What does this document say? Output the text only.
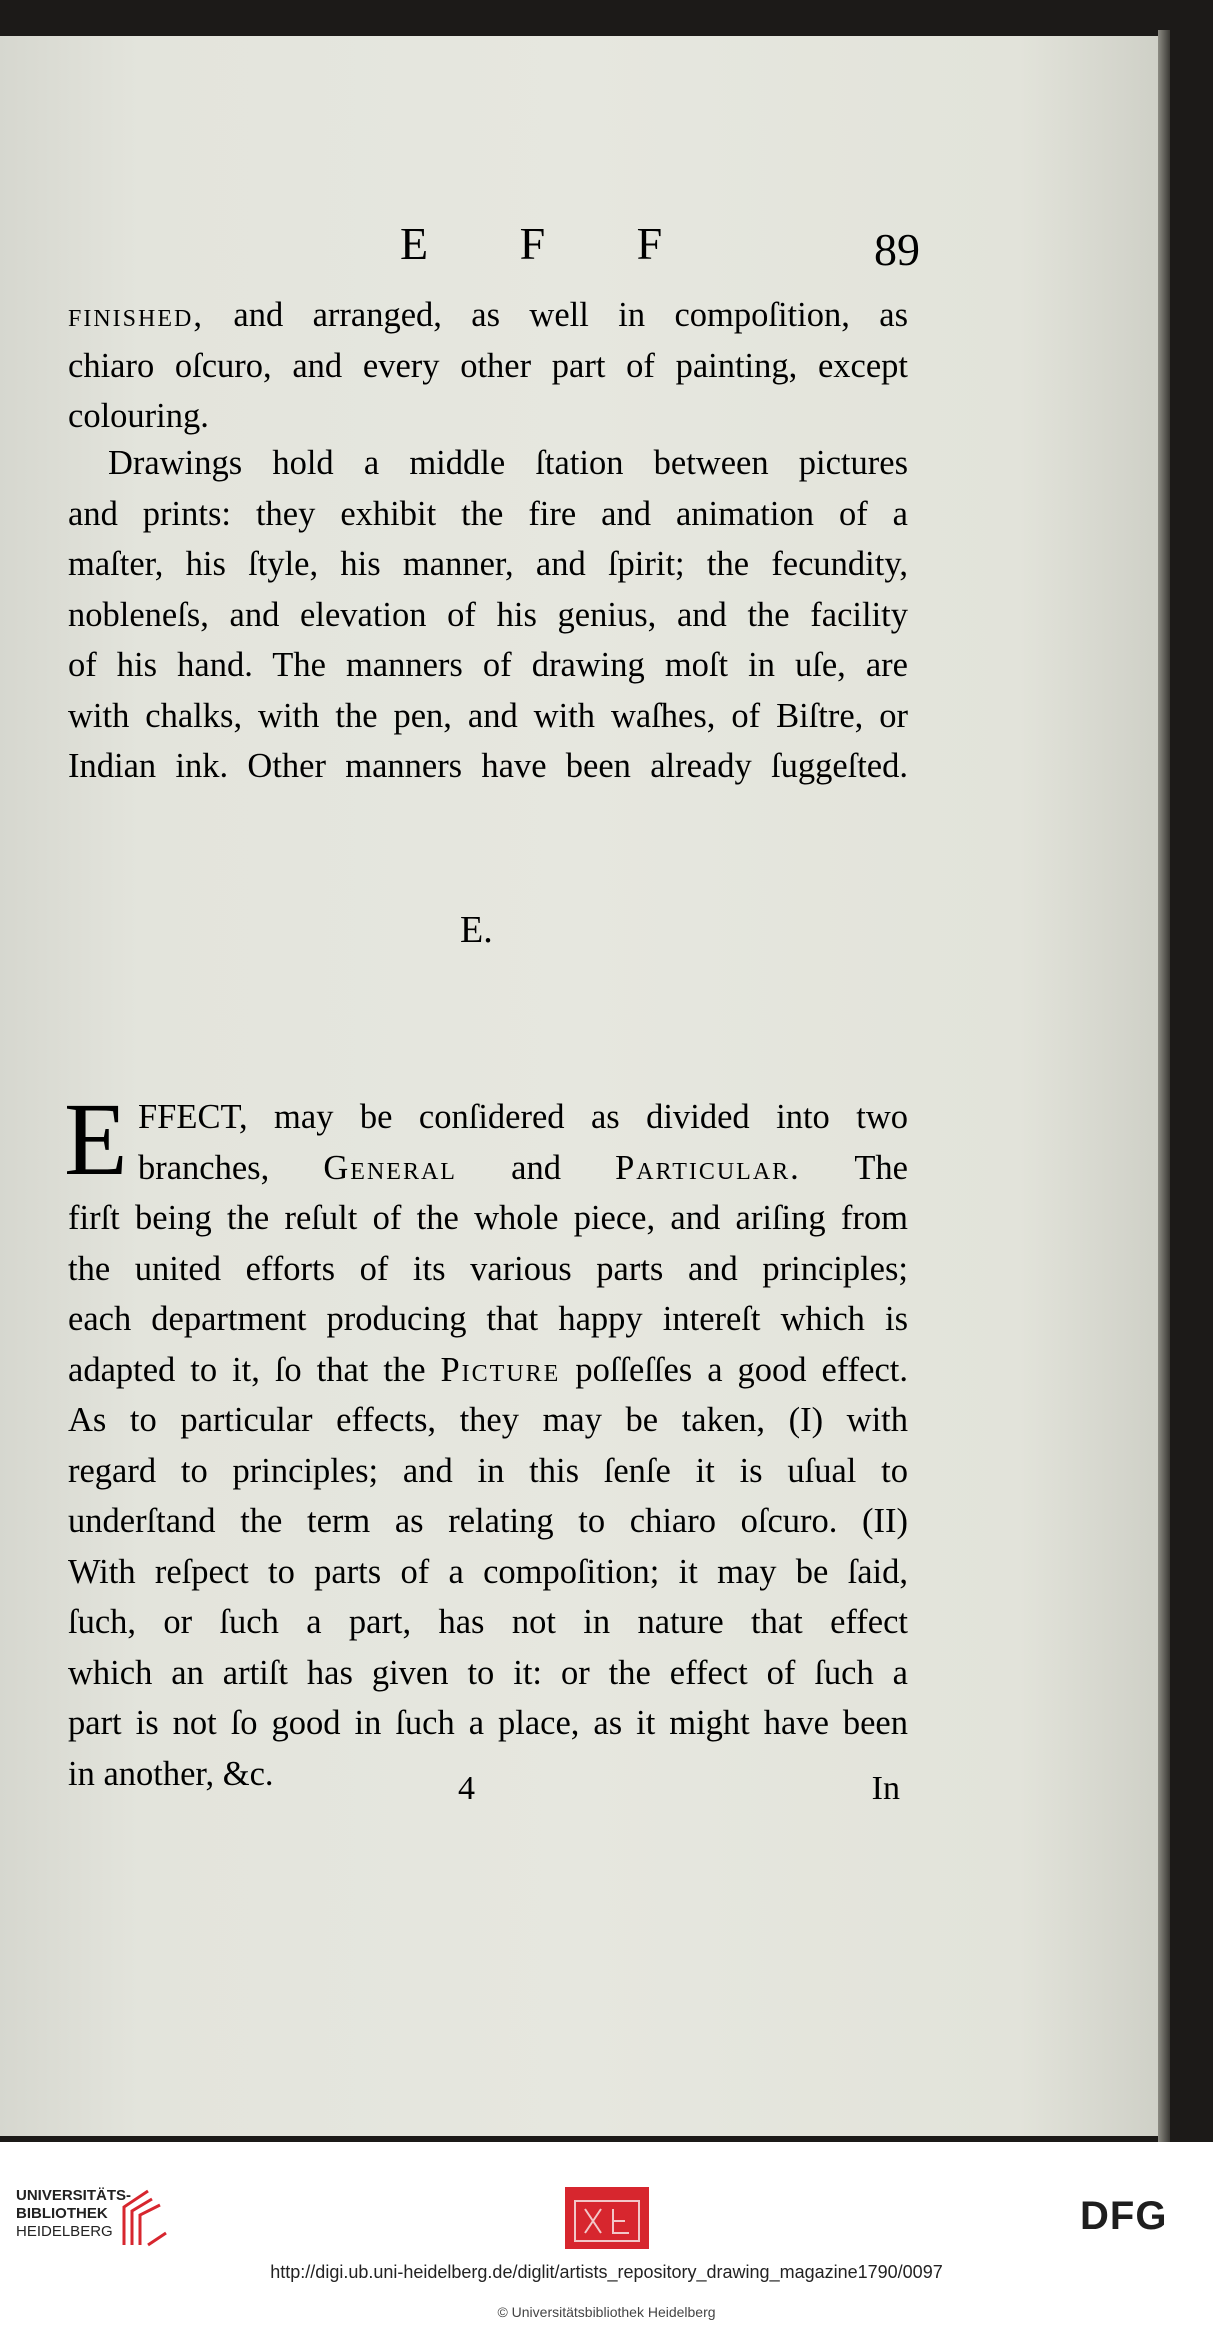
E F F	89
finished, and arranged, as well in compoſition, as
chiaro oſcuro, and every other part of painting, except
colouring.
Drawings hold a middle ſtation between pictures
and prints: they exhibit the fire and animation of a
maſter, his ſtyle, his manner, and ſpirit; the fecundity,
nobleneſs, and elevation of his genius, and the facility
of his hand. The manners of drawing moſt in uſe, are
with chalks, with the pen, and with waſhes, of Biſtre, or
Indian ink. Other manners have been already ſuggeſted.
E.
E FFECT, may be conſidered as divided into two
branches, General and Particular. The
firſt being the reſult of the whole piece, and ariſing from
the united efforts of its various parts and principles;
each department producing that happy intereſt which is
adapted to it, ſo that the Picture poſſeſſes a good effect.
As to particular effects, they may be taken, (I) with
regard to principles; and in this ſenſe it is uſual to
underſtand the term as relating to chiaro oſcuro. (II)
With reſpect to parts of a compoſition; it may be ſaid,
ſuch, or ſuch a part, has not in nature that effect
which an artiſt has given to it: or the effect of ſuch a
part is not ſo good in ſuch a place, as it might have been
in another, &c.	4	In
UNIVERSITÄTS-
BIBLIOTHEK
HEIDELBERG	DFG
http://digi.ub.uni-heidelberg.de/diglit/artists_repository_drawing_magazine1790/0097
© Universitätsbibliothek Heidelberg
